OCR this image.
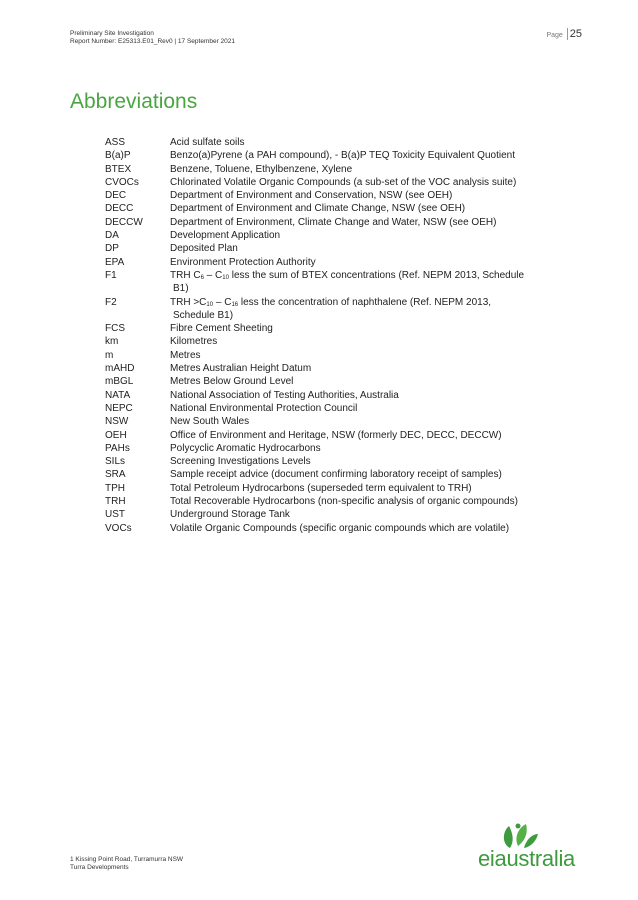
Preliminary Site Investigation
Report Number: E25313.E01_Rev0 | 17 September 2021
Page 25
Abbreviations
ASS	Acid sulfate soils
B(a)P	Benzo(a)Pyrene (a PAH compound), - B(a)P TEQ Toxicity Equivalent Quotient
BTEX	Benzene, Toluene, Ethylbenzene, Xylene
CVOCs	Chlorinated Volatile Organic Compounds (a sub-set of the VOC analysis suite)
DEC	Department of Environment and Conservation, NSW (see OEH)
DECC	Department of Environment and Climate Change, NSW (see OEH)
DECCW	Department of Environment, Climate Change and Water, NSW (see OEH)
DA	Development Application
DP	Deposited Plan
EPA	Environment Protection Authority
F1	TRH $C_6 - C_{10}$ less the sum of BTEX concentrations (Ref. NEPM 2013, Schedule
B1)
F2	TRH $>C_{10} - C_{16}$ less the concentration of naphthalene (Ref. NEPM 2013,
Schedule B1)
FCS	Fibre Cement Sheeting
km	Kilometres
m	Metres
mAHD	Metres Australian Height Datum
mBGL	Metres Below Ground Level
NATA	National Association of Testing Authorities, Australia
NEPC	National Environmental Protection Council
NSW	New South Wales
OEH	Office of Environment and Heritage, NSW (formerly DEC, DECC, DECCW)
PAHs	Polycyclic Aromatic Hydrocarbons
SILs	Screening Investigations Levels
SRA	Sample receipt advice (document confirming laboratory receipt of samples)
TPH	Total Petroleum Hydrocarbons (superseded term equivalent to TRH)
TRH	Total Recoverable Hydrocarbons (non-specific analysis of organic compounds)
UST	Underground Storage Tank
VOCs	Volatile Organic Compounds (specific organic compounds which are volatile)
1 Kissing Point Road, Turramurra NSW
Turra Developments	eiaustralia
